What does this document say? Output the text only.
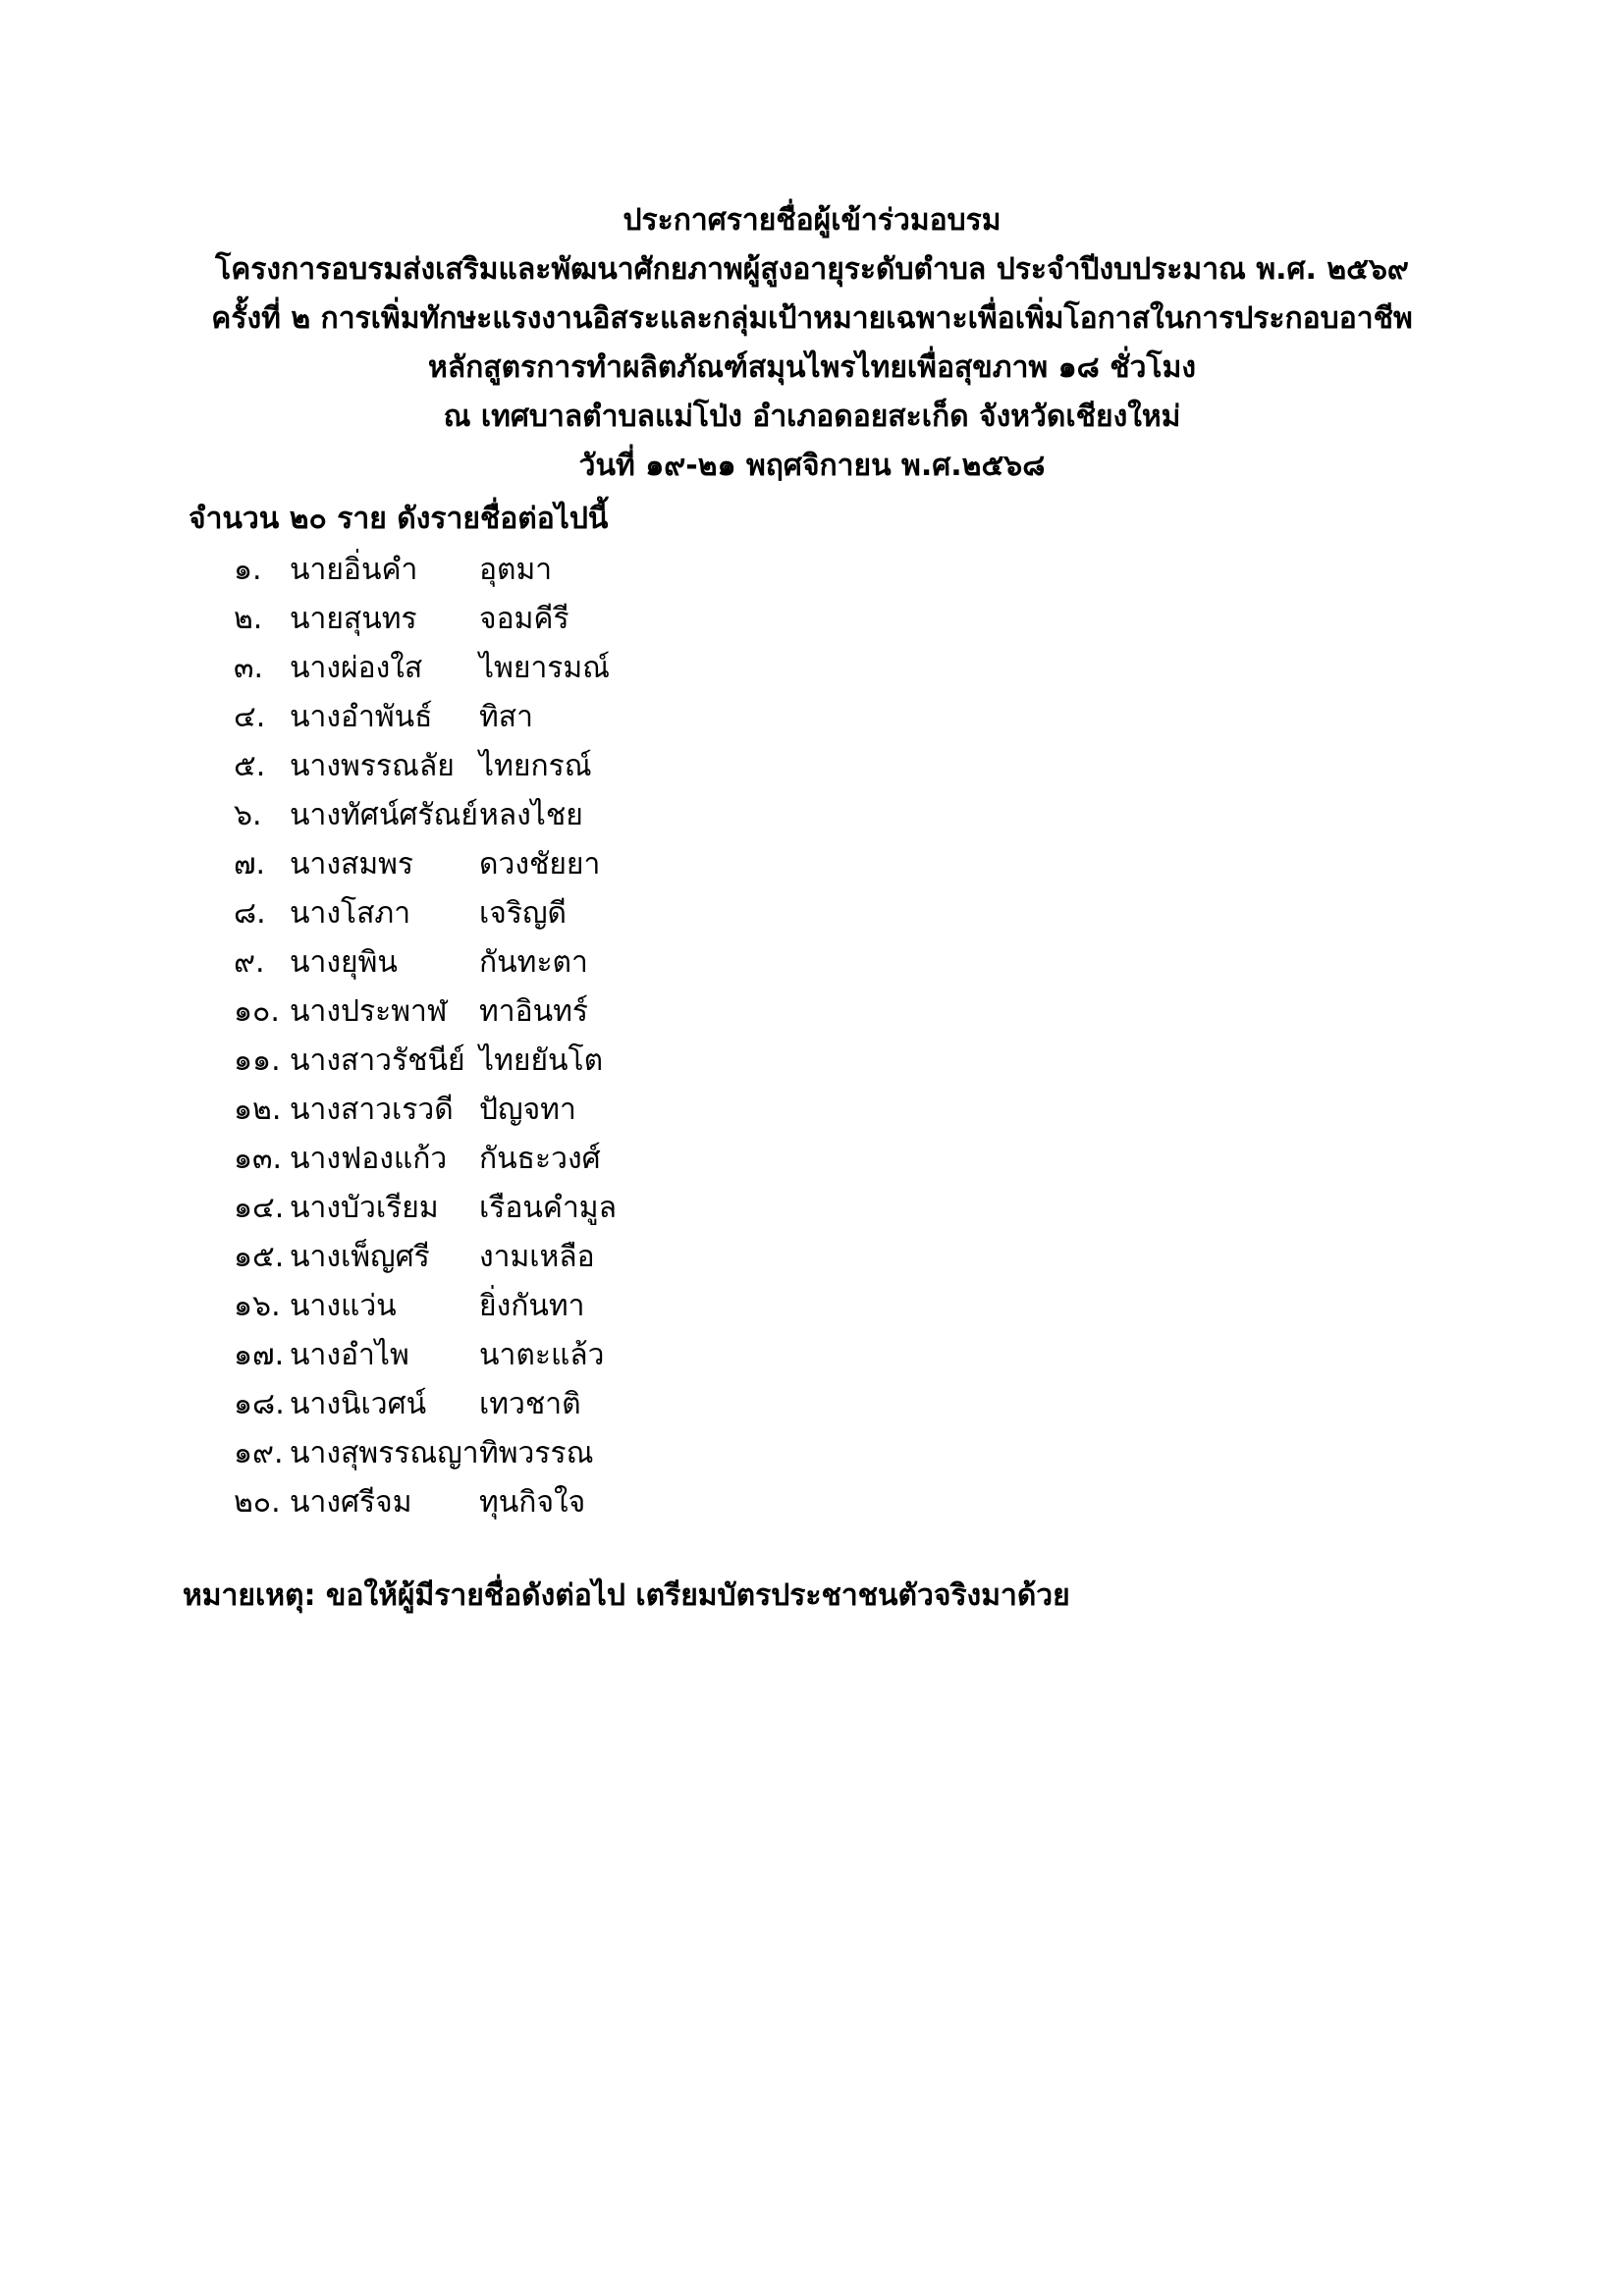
ประกาศรายชื่อผู้เข้าร่วมอบรม
โครงการอบรมส่งเสริมและพัฒนาศักยภาพผู้สูงอายุระดับตำบล ประจำปีงบประมาณ พ.ศ. ๒๕๖๙
ครั้งที่ ๒ การเพิ่มทักษะแรงงานอิสระและกลุ่มเป้าหมายเฉพาะเพื่อเพิ่มโอกาสในการประกอบอาชีพ
หลักสูตรการทำผลิตภัณฑ์สมุนไพรไทยเพื่อสุขภาพ ๑๘ ชั่วโมง
ณ เทศบาลตำบลแม่โป่ง อำเภอดอยสะเก็ด จังหวัดเชียงใหม่
วันที่ ๑๙-๒๑ พฤศจิกายน พ.ศ.๒๕๖๘
จำนวน ๒๐ ราย ดังรายชื่อต่อไปนี้
๑. นายอิ่นคำ	อุตมา
๒. นายสุนทร	จอมคีรี
๓. นางผ่องใส	ไพยารมณ์
๔. นางอำพันธ์	ทิสา
๕. นางพรรณลัย ไทยกรณ์
๖. นางทัศน์ศรัณย์ หลงไชย
๗. นางสมพร	ดวงชัยยา
๘. นางโสภา	เจริญดี
๙. นางยุพิน	กันทะตา
๑๐. นางประพาฬ	ทาอินทร์
๑๑. นางสาวรัชนีย์ ไทยยันโต
๑๒. นางสาวเรวดี ปัญจทา
๑๓. นางฟองแก้ว	กันธะวงศ์
๑๔. นางบัวเรียม	เรือนคำมูล
๑๕. นางเพ็ญศรี	งามเหลือ
๑๖. นางแว่น	ยิ่งกันทา
๑๗. นางอำไพ	นาตะแล้ว
๑๘. นางนิเวศน์	เทวชาติ
๑๙. นางสุพรรณญา ทิพวรรณ
๒๐. นางศรีจม	ทุนกิจใจ
หมายเหตุ: ขอให้ผู้มีรายชื่อดังต่อไป เตรียมบัตรประชาชนตัวจริงมาด้วย
